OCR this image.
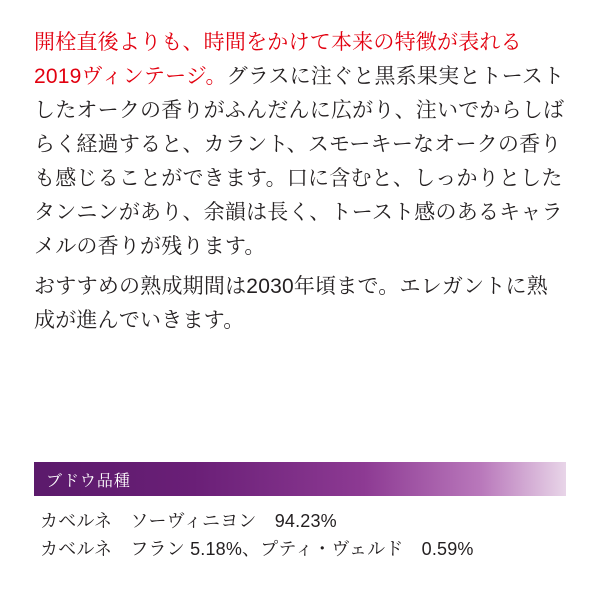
開栓直後よりも、時間をかけて本来の特徴が表れる2019ヴィンテージ。グラスに注ぐと黒系果実とトーストしたオークの香りがふんだんに広がり、注いでからしばらく経過すると、カラント、スモーキーなオークの香りも感じることができます。口に含むと、しっかりとしたタンニンがあり、余韻は長く、トースト感のあるキャラメルの香りが残ります。

おすすめの熟成期間は2030年頃まで。エレガントに熟成が進んでいきます。

ブドウ品種
カベルネ　ソーヴィニヨン　94.23%
カベルネ　フラン 5.18%、プティ・ヴェルド　0.59%
